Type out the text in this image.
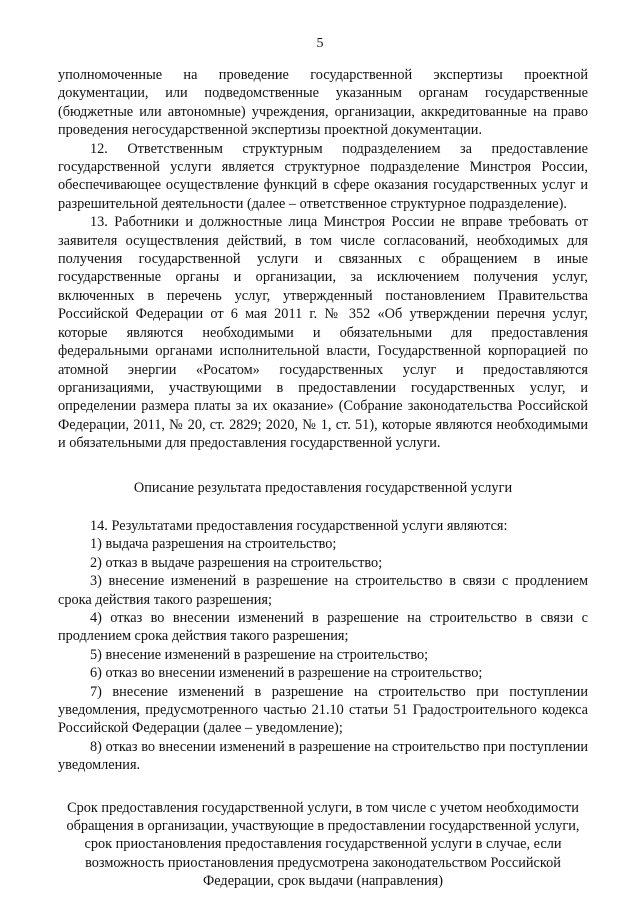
5

уполномоченные на проведение государственной экспертизы проектной документации, или подведомственные указанным органам государственные (бюджетные или автономные) учреждения, организации, аккредитованные на право проведения негосударственной экспертизы проектной документации.

12. Ответственным структурным подразделением за предоставление государственной услуги является структурное подразделение Минстроя России, обеспечивающее осуществление функций в сфере оказания государственных услуг и разрешительной деятельности (далее – ответственное структурное подразделение).

13. Работники и должностные лица Минстроя России не вправе требовать от заявителя осуществления действий, в том числе согласований, необходимых для получения государственной услуги и связанных с обращением в иные государственные органы и организации, за исключением получения услуг, включенных в перечень услуг, утвержденный постановлением Правительства Российской Федерации от 6 мая 2011 г. № 352 «Об утверждении перечня услуг, которые являются необходимыми и обязательными для предоставления федеральными органами исполнительной власти, Государственной корпорацией по атомной энергии «Росатом» государственных услуг и предоставляются организациями, участвующими в предоставлении государственных услуг, и определении размера платы за их оказание» (Собрание законодательства Российской Федерации, 2011, № 20, ст. 2829; 2020, № 1, ст. 51), которые являются необходимыми и обязательными для предоставления государственной услуги.

Описание результата предоставления государственной услуги

14. Результатами предоставления государственной услуги являются:

1) выдача разрешения на строительство;

2) отказ в выдаче разрешения на строительство;

3) внесение изменений в разрешение на строительство в связи с продлением срока действия такого разрешения;

4) отказ во внесении изменений в разрешение на строительство в связи с продлением срока действия такого разрешения;

5) внесение изменений в разрешение на строительство;

6) отказ во внесении изменений в разрешение на строительство;

7) внесение изменений в разрешение на строительство при поступлении уведомления, предусмотренного частью 21.10 статьи 51 Градостроительного кодекса Российской Федерации (далее – уведомление);

8) отказ во внесении изменений в разрешение на строительство при поступлении уведомления.

Срок предоставления государственной услуги, в том числе с учетом необходимости обращения в организации, участвующие в предоставлении государственной услуги, срок приостановления предоставления государственной услуги в случае, если возможность приостановления предусмотрена законодательством Российской Федерации, срок выдачи (направления)
